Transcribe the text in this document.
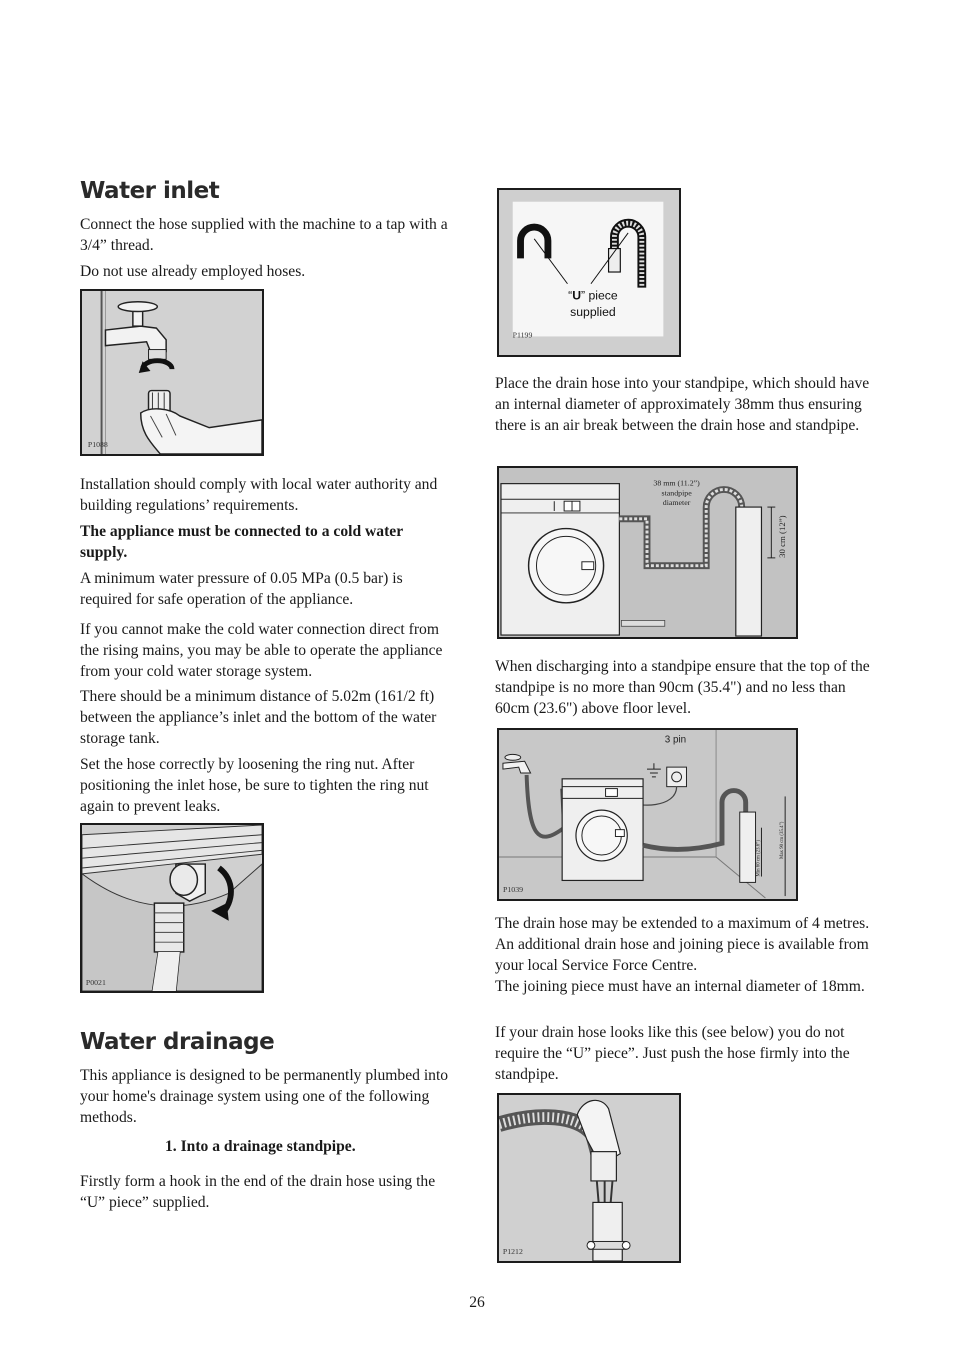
Water inlet

Connect the hose supplied with the machine to a tap with a 3/4” thread.

Do not use already employed hoses.

P1088

Installation should comply with local water authority and building regulations’ requirements.

The appliance must be connected to a cold water supply.

A minimum water pressure of 0.05 MPa (0.5 bar) is required for safe operation of the appliance.

If you cannot make the cold water connection direct from the rising mains, you may be able to operate the appliance from your cold water storage system.

There should be a minimum distance of 5.02m (161/2 ft) between the appliance’s inlet and the bottom of the water storage tank.

Set the hose correctly by loosening the ring nut. After positioning the inlet hose, be sure to tighten the ring nut again to prevent leaks.

P0021
Water drainage

This appliance is designed to be permanently plumbed into your home's drainage system using one of the following methods.

1. Into a drainage standpipe.

Firstly form a hook in the end of the drain hose using the “U” piece” supplied.

“U” piece
supplied
P1199

Place the drain hose into your standpipe, which should have an internal diameter of approximately 38mm thus ensuring there is an air break between the drain hose and standpipe.

38 mm (11.2”)
standpipe
diameter
30 cm (12”)

When discharging into a standpipe ensure that the top of the standpipe is no more than 90cm (35.4") and no less than 60cm (23.6") above floor level.

3 pin
Min 60 cm (23.6”)	Max 90 cm (35.4”)
P1039

The drain hose may be extended to a maximum of 4 metres. An additional drain hose and joining piece is available from your local Service Force Centre.

The joining piece must have an internal diameter of 18mm.

If your drain hose looks like this (see below) you do not require the “U” piece”. Just push the hose firmly into the standpipe.

P1212

26
